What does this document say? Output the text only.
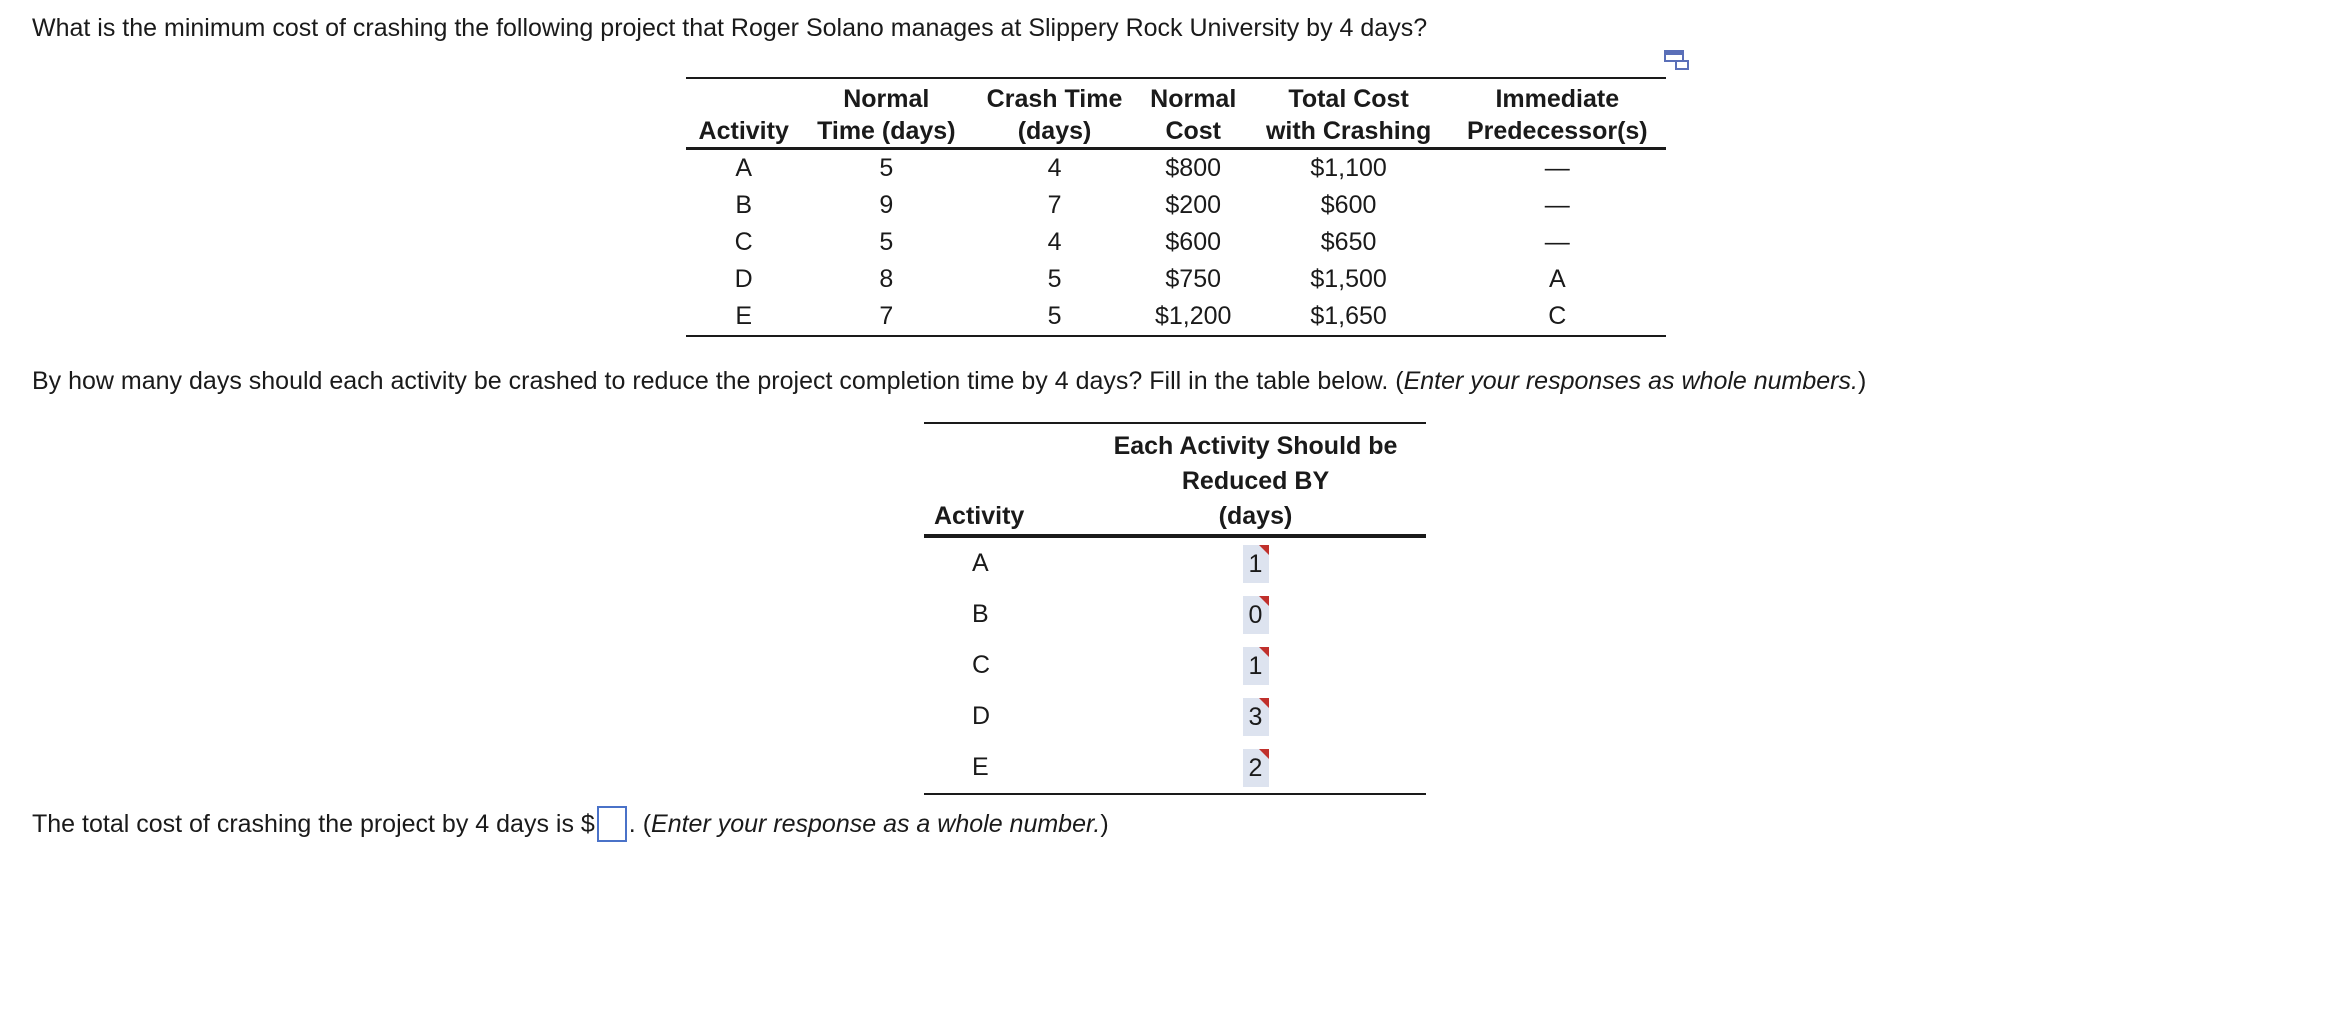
What is the minimum cost of crashing the following project that Roger Solano manages at Slippery Rock University by 4 days?
	Normal	Crash Time	Normal	Total Cost	Immediate
Activity	Time (days)	(days)	Cost	with Crashing	Predecessor(s)
A	5	4	$800	$1,100	—
B	9	7	$200	$600	—
C	5	4	$600	$650	—
D	8	5	$750	$1,500	A
E	7	5	$1,200	$1,650	C
By how many days should each activity be crashed to reduce the project completion time by 4 days? Fill in the table below. (Enter your responses as whole numbers.)
	Each Activity Should be
	Reduced BY
Activity	(days)
A	1

B	0

C	1

D	3

E	2
The total cost of crashing the project by 4 days is $ . ( Enter your response as a whole number. )
